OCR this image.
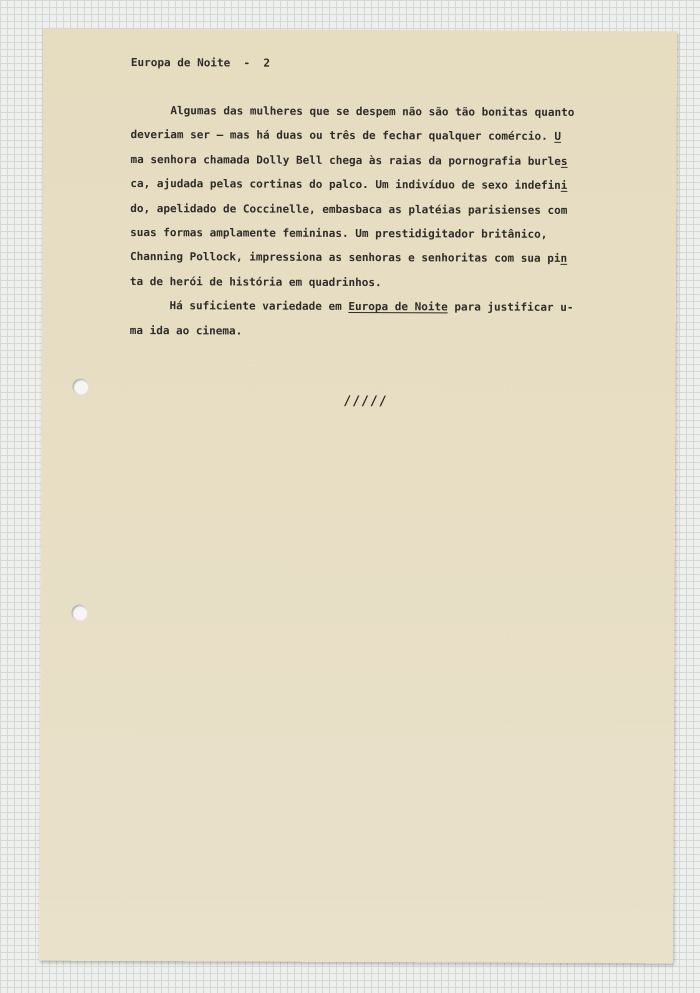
Europa de Noite  -  2

Algumas das mulheres que se despem não são tão bonitas quanto
deveriam ser — mas há duas ou três de fechar qualquer comércio. U
ma senhora chamada Dolly Bell chega às raias da pornografia burles
ca, ajudada pelas cortinas do palco. Um indivíduo de sexo indefini
do, apelidado de Coccinelle, embasbaca as platéias parisienses com
suas formas amplamente femininas. Um prestidigitador britânico,
Channing Pollock, impressiona as senhoras e senhoritas com sua pin
ta de herói de história em quadrinhos.
Há suficiente variedade em Europa de Noite para justificar u-
ma ida ao cinema.

/////
